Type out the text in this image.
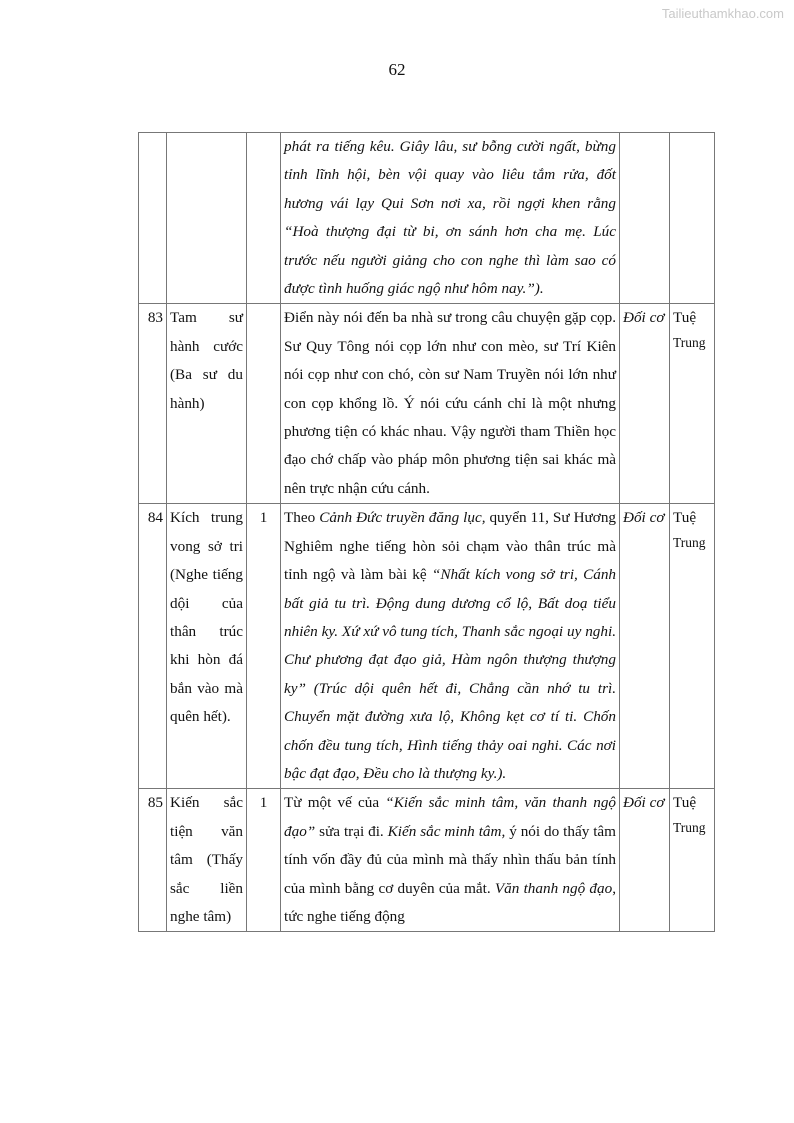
Tailieuthamkhao.com
62
			phát ra tiếng kêu. Giây lâu, sư bỗng cười ngất, bừng tỉnh lĩnh hội, bèn vội quay vào liêu tắm rửa, đốt hương vái lạy Qui Sơn nơi xa, rồi ngợi khen rằng “Hoà thượng đại từ bi, ơn sánh hơn cha mẹ. Lúc trước nếu người giảng cho con nghe thì làm sao có được tình huống giác ngộ như hôm nay.”).		

83	Tam sư hành cước (Ba sư du hành)		Điển này nói đến ba nhà sư trong câu chuyện gặp cọp. Sư Quy Tông nói cọp lớn như con mèo, sư Trí Kiên nói cọp như con chó, còn sư Nam Truyền nói lớn như con cọp khổng lồ. Ý nói cứu cánh chỉ là một nhưng phương tiện có khác nhau. Vậy người tham Thiền học đạo chớ chấp vào pháp môn phương tiện sai khác mà nên trực nhận cứu cánh.	Đối cơ	Tuệ
Trung

84	Kích trung vong sở tri (Nghe tiếng dội của thân trúc khi hòn đá bắn vào mà quên hết).	1	Theo Cảnh Đức truyền đăng lục, quyển 11, Sư Hương Nghiêm nghe tiếng hòn sỏi chạm vào thân trúc mà tỉnh ngộ và làm bài kệ “Nhất kích vong sở tri, Cánh bất giả tu trì. Động dung dương cổ lộ, Bất doạ tiểu nhiên ky. Xứ xứ vô tung tích, Thanh sắc ngoại uy nghi. Chư phương đạt đạo giả, Hàm ngôn thượng thượng ky” (Trúc dội quên hết đi, Chẳng cần nhớ tu trì. Chuyển mặt đường xưa lộ, Không kẹt cơ tí ti. Chốn chốn đều tung tích, Hình tiếng thảy oai nghi. Các nơi bậc đạt đạo, Đều cho là thượng ky.).	Đối cơ	Tuệ
Trung

85	Kiến sắc tiện văn tâm (Thấy sắc liền nghe tâm)	1	Từ một vế của “Kiến sắc minh tâm, văn thanh ngộ đạo” sửa trại đi. Kiến sắc minh tâm, ý nói do thấy tâm tính vốn đầy đủ của mình mà thấy nhìn thấu bản tính của mình bằng cơ duyên của mắt. Văn thanh ngộ đạo, tức nghe tiếng động	Đối cơ	Tuệ
Trung
